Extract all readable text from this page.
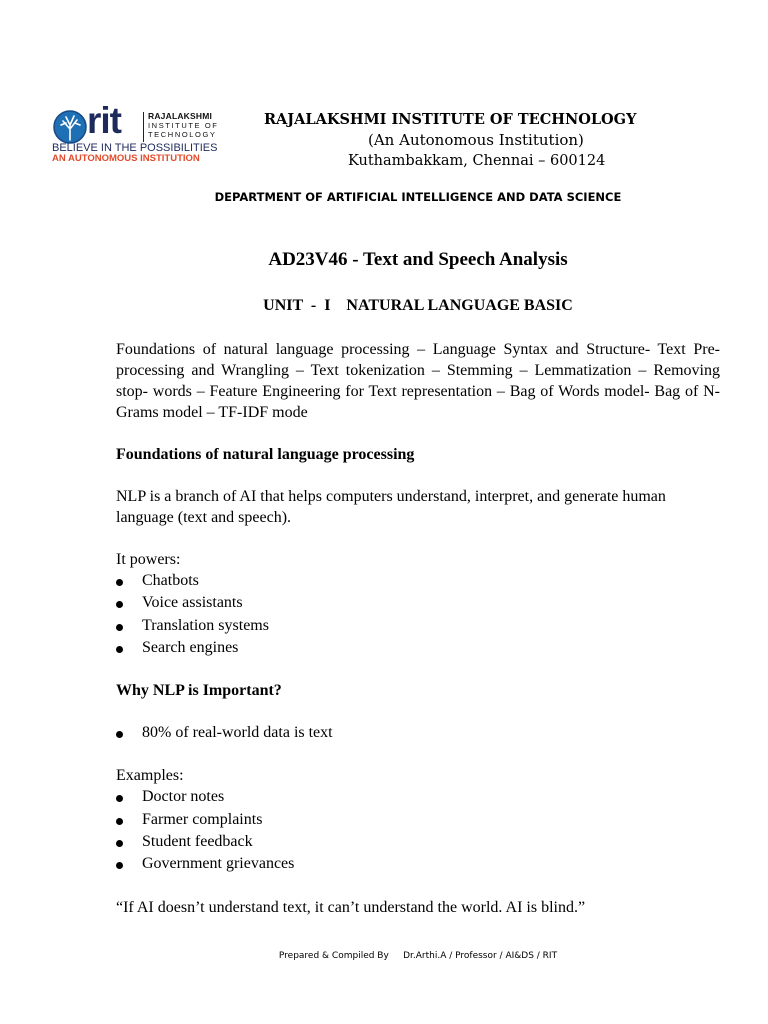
rit	RAJALAKSHMI
INSTITUTE OF
TECHNOLOGY
BELIEVE IN THE POSSIBILITIES
AN AUTONOMOUS INSTITUTION
RAJALAKSHMI INSTITUTE OF TECHNOLOGY
(An Autonomous Institution)
Kuthambakkam, Chennai – 600124
DEPARTMENT OF ARTIFICIAL INTELLIGENCE AND DATA SCIENCE
AD23V46 - Text and Speech Analysis
UNIT  -  I    NATURAL LANGUAGE BASIC

Foundations of natural language processing – Language Syntax and Structure- Text Pre-processing and Wrangling – Text tokenization – Stemming – Lemmatization – Removing stop- words – Feature Engineering for Text representation – Bag of Words model- Bag of N-Grams model – TF-IDF mode

Foundations of natural language processing

NLP is a branch of AI that helps computers understand, interpret, and generate human language (text and speech).

It powers:

Chatbots
Voice assistants
Translation systems
Search engines

Why NLP is Important?

80% of real-world data is text

Examples:

Doctor notes
Farmer complaints
Student feedback
Government grievances

“If AI doesn’t understand text, it can’t understand the world. AI is blind.”

Prepared & Compiled By     Dr.Arthi.A / Professor / AI&DS / RIT
